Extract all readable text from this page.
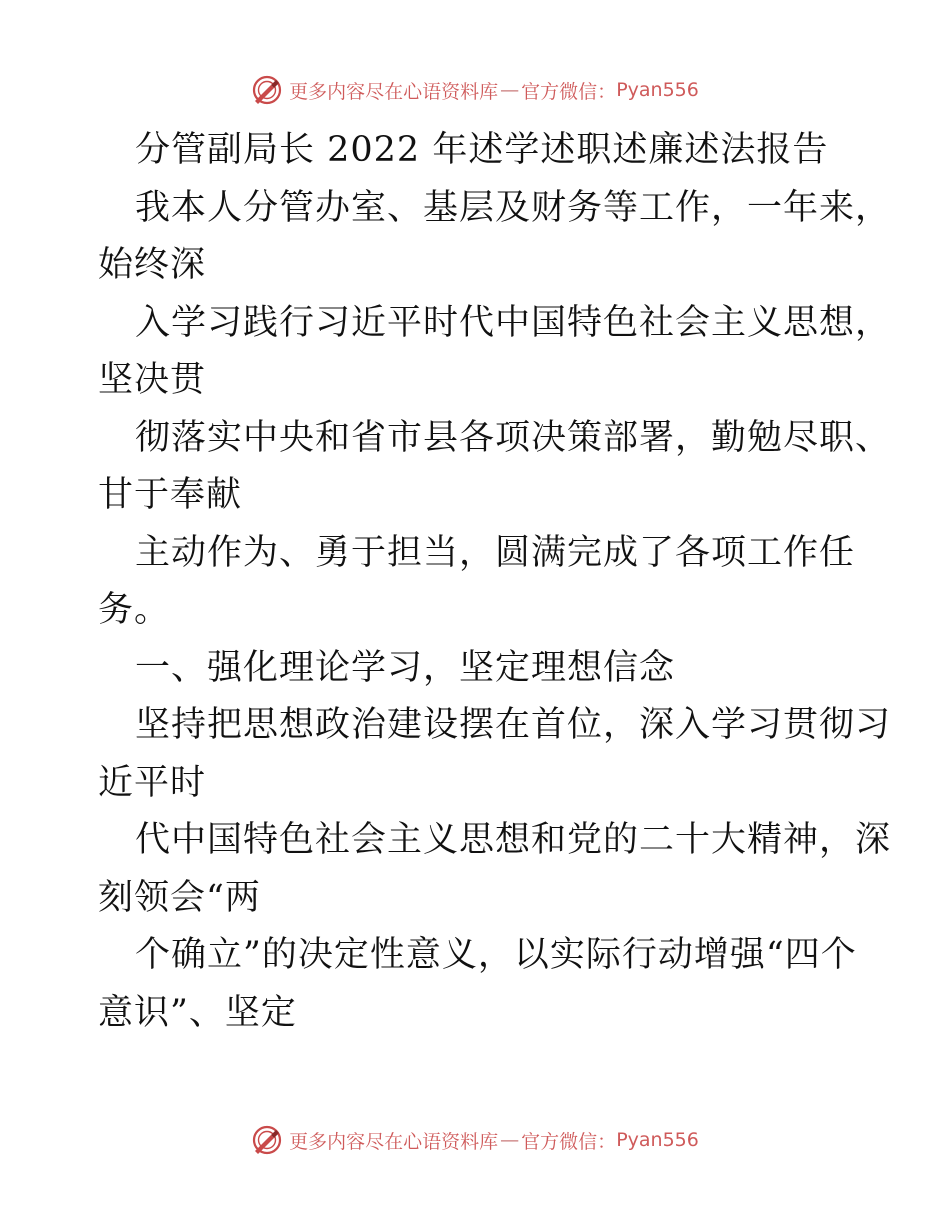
更多内容尽在心语资料库 — 官方微信： Pyan556
分管副局长 2022 年述学述职述廉述法报告
我本人分管办室、基层及财务等工作，一年来，
始终深
入学习践行习近平时代中国特色社会主义思想，
坚决贯
彻落实中央和省市县各项决策部署，勤勉尽职、
甘于奉献
主动作为、勇于担当，圆满完成了各项工作任
务。
一、强化理论学习，坚定理想信念
坚持把思想政治建设摆在首位，深入学习贯彻习
近平时
代中国特色社会主义思想和党的二十大精神，深
刻领会“两
个确立”的决定性意义，以实际行动增强“四个
意识”、坚定
更多内容尽在心语资料库 — 官方微信： Pyan556
